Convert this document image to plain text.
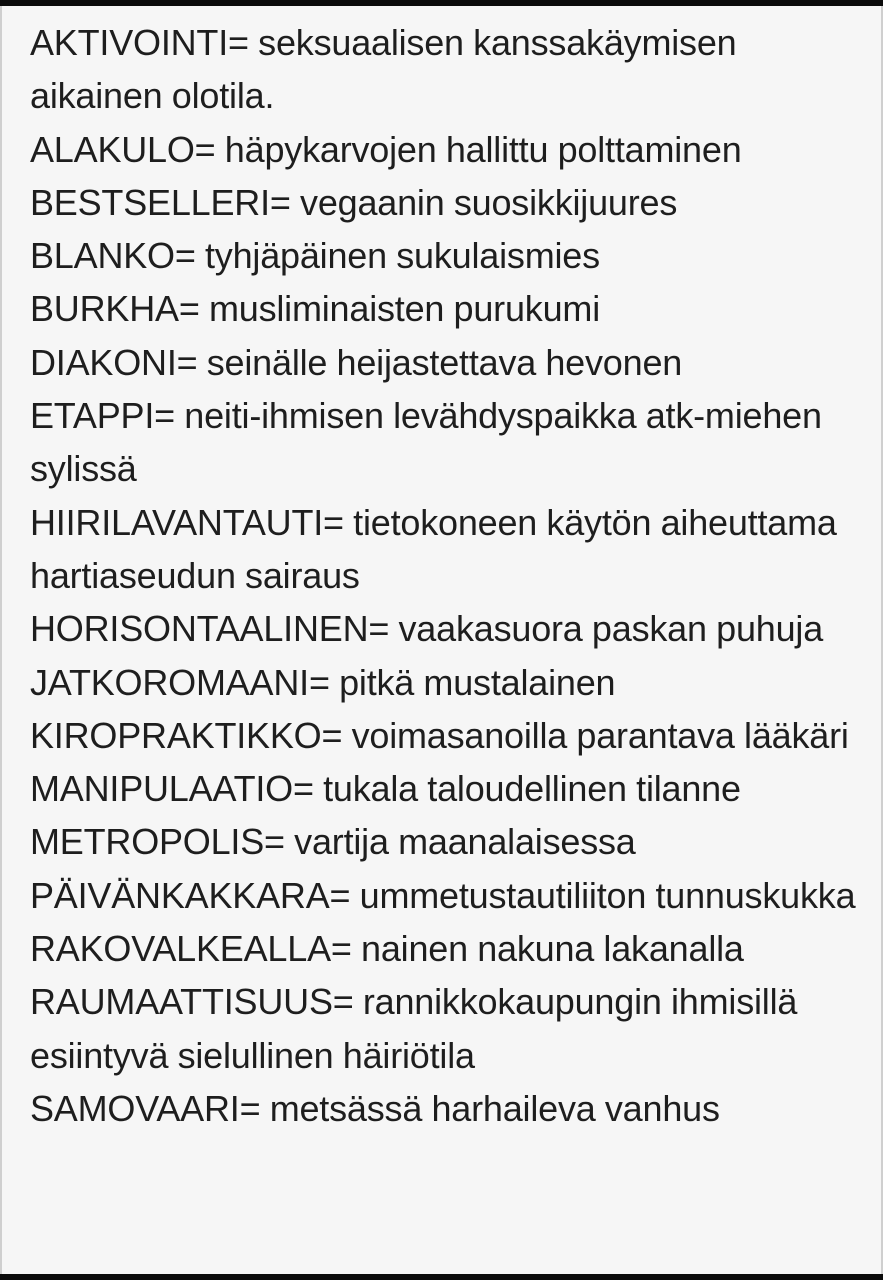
AKTIVOINTI= seksuaalisen kanssakäymisen aikainen olotila.

ALAKULO= häpykarvojen hallittu polttaminen

BESTSELLERI= vegaanin suosikkijuures

BLANKO= tyhjäpäinen sukulaismies

BURKHA= musliminaisten purukumi

DIAKONI= seinälle heijastettava hevonen

ETAPPI= neiti-ihmisen levähdyspaikka atk-miehen sylissä

HIIRILAVANTAUTI= tietokoneen käytön aiheuttama hartiaseudun sairaus

HORISONTAALINEN= vaakasuora paskan puhuja

JATKOROMAANI= pitkä mustalainen

KIROPRAKTIKKO= voimasanoilla parantava lääkäri

MANIPULAATIO= tukala taloudellinen tilanne

METROPOLIS= vartija maanalaisessa

PÄIVÄNKAKKARA= ummetustautiliiton tunnuskukka

RAKOVALKEALLA= nainen nakuna lakanalla

RAUMAATTISUUS= rannikkokaupungin ihmisillä esiintyvä sielullinen häiriötila

SAMOVAARI= metsässä harhaileva vanhus
